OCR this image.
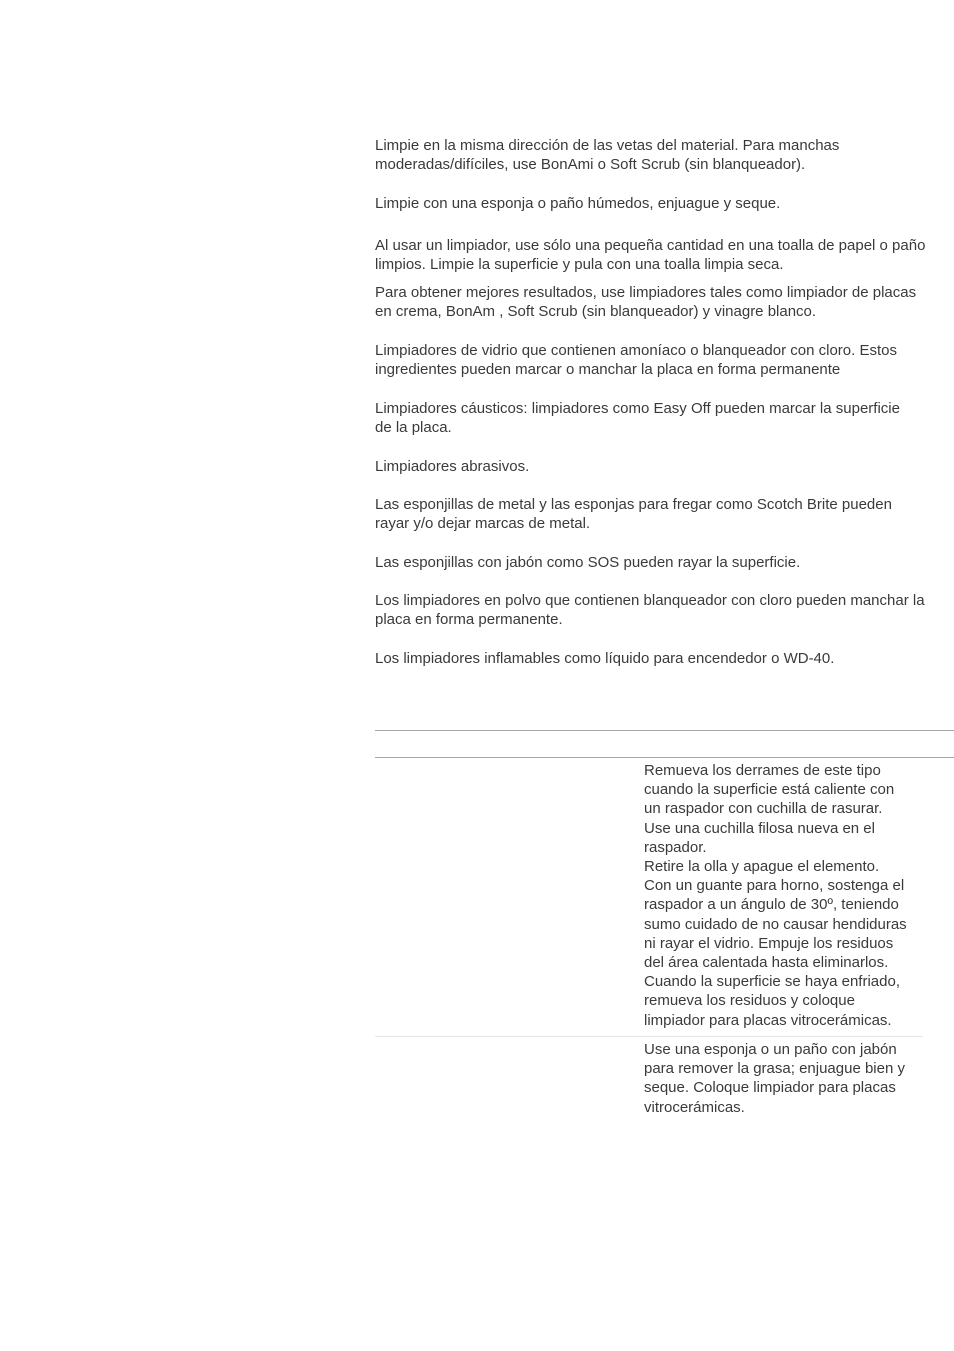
Limpie en la misma dirección de las vetas del material. Para manchas
moderadas/difíciles, use BonAmi o Soft Scrub (sin blanqueador).

Limpie con una esponja o paño húmedos, enjuague y seque.

Al usar un limpiador, use sólo una pequeña cantidad en una toalla de papel o paño
limpios. Limpie la superficie y pula con una toalla limpia seca.

Para obtener mejores resultados, use limpiadores tales como limpiador de placas
en crema, BonAm , Soft Scrub (sin blanqueador) y vinagre blanco.

Limpiadores de vidrio que contienen amoníaco o blanqueador con cloro. Estos
ingredientes pueden marcar o manchar la placa en forma permanente

Limpiadores cáusticos: limpiadores como Easy Off pueden marcar la superficie
de la placa.

Limpiadores abrasivos.

Las esponjillas de metal y las esponjas para fregar como Scotch Brite pueden
rayar y/o dejar marcas de metal.

Las esponjillas con jabón como SOS pueden rayar la superficie.

Los limpiadores en polvo que contienen blanqueador con cloro pueden manchar la
placa en forma permanente.

Los limpiadores inflamables como líquido para encendedor o WD-40.

Remueva los derrames de este tipo
cuando la superficie está caliente con
un raspador con cuchilla de rasurar.
Use una cuchilla filosa nueva en el
raspador.
Retire la olla y apague el elemento.
Con un guante para horno, sostenga el
raspador a un ángulo de 30º, teniendo
sumo cuidado de no causar hendiduras
ni rayar el vidrio. Empuje los residuos
del área calentada hasta eliminarlos.
Cuando la superficie se haya enfriado,
remueva los residuos y coloque
limpiador para placas vitrocerámicas.

Use una esponja o un paño con jabón
para remover la grasa; enjuague bien y
seque. Coloque limpiador para placas
vitrocerámicas.
